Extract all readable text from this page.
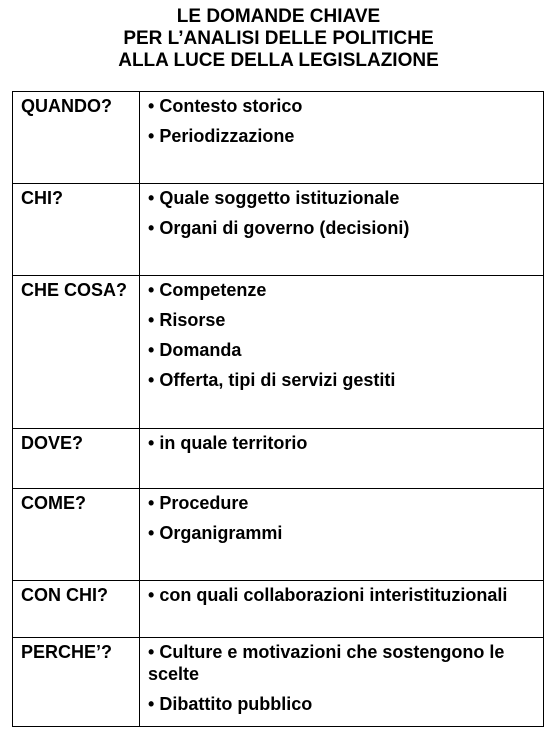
LE DOMANDE CHIAVE
PER L’ANALISI DELLE POLITICHE
ALLA LUCE DELLA LEGISLAZIONE
QUANDO?	• Contesto storico
• Periodizzazione

CHI?	• Quale soggetto istituzionale
• Organi di governo (decisioni)

CHE COSA?	• Competenze
• Risorse
• Domanda
• Offerta, tipi di servizi gestiti

DOVE?	• in quale territorio

COME?	• Procedure
• Organigrammi

CON CHI?	• con quali collaborazioni interistituzionali

PERCHE’?	• Culture e motivazioni che sostengono le scelte
• Dibattito pubblico
